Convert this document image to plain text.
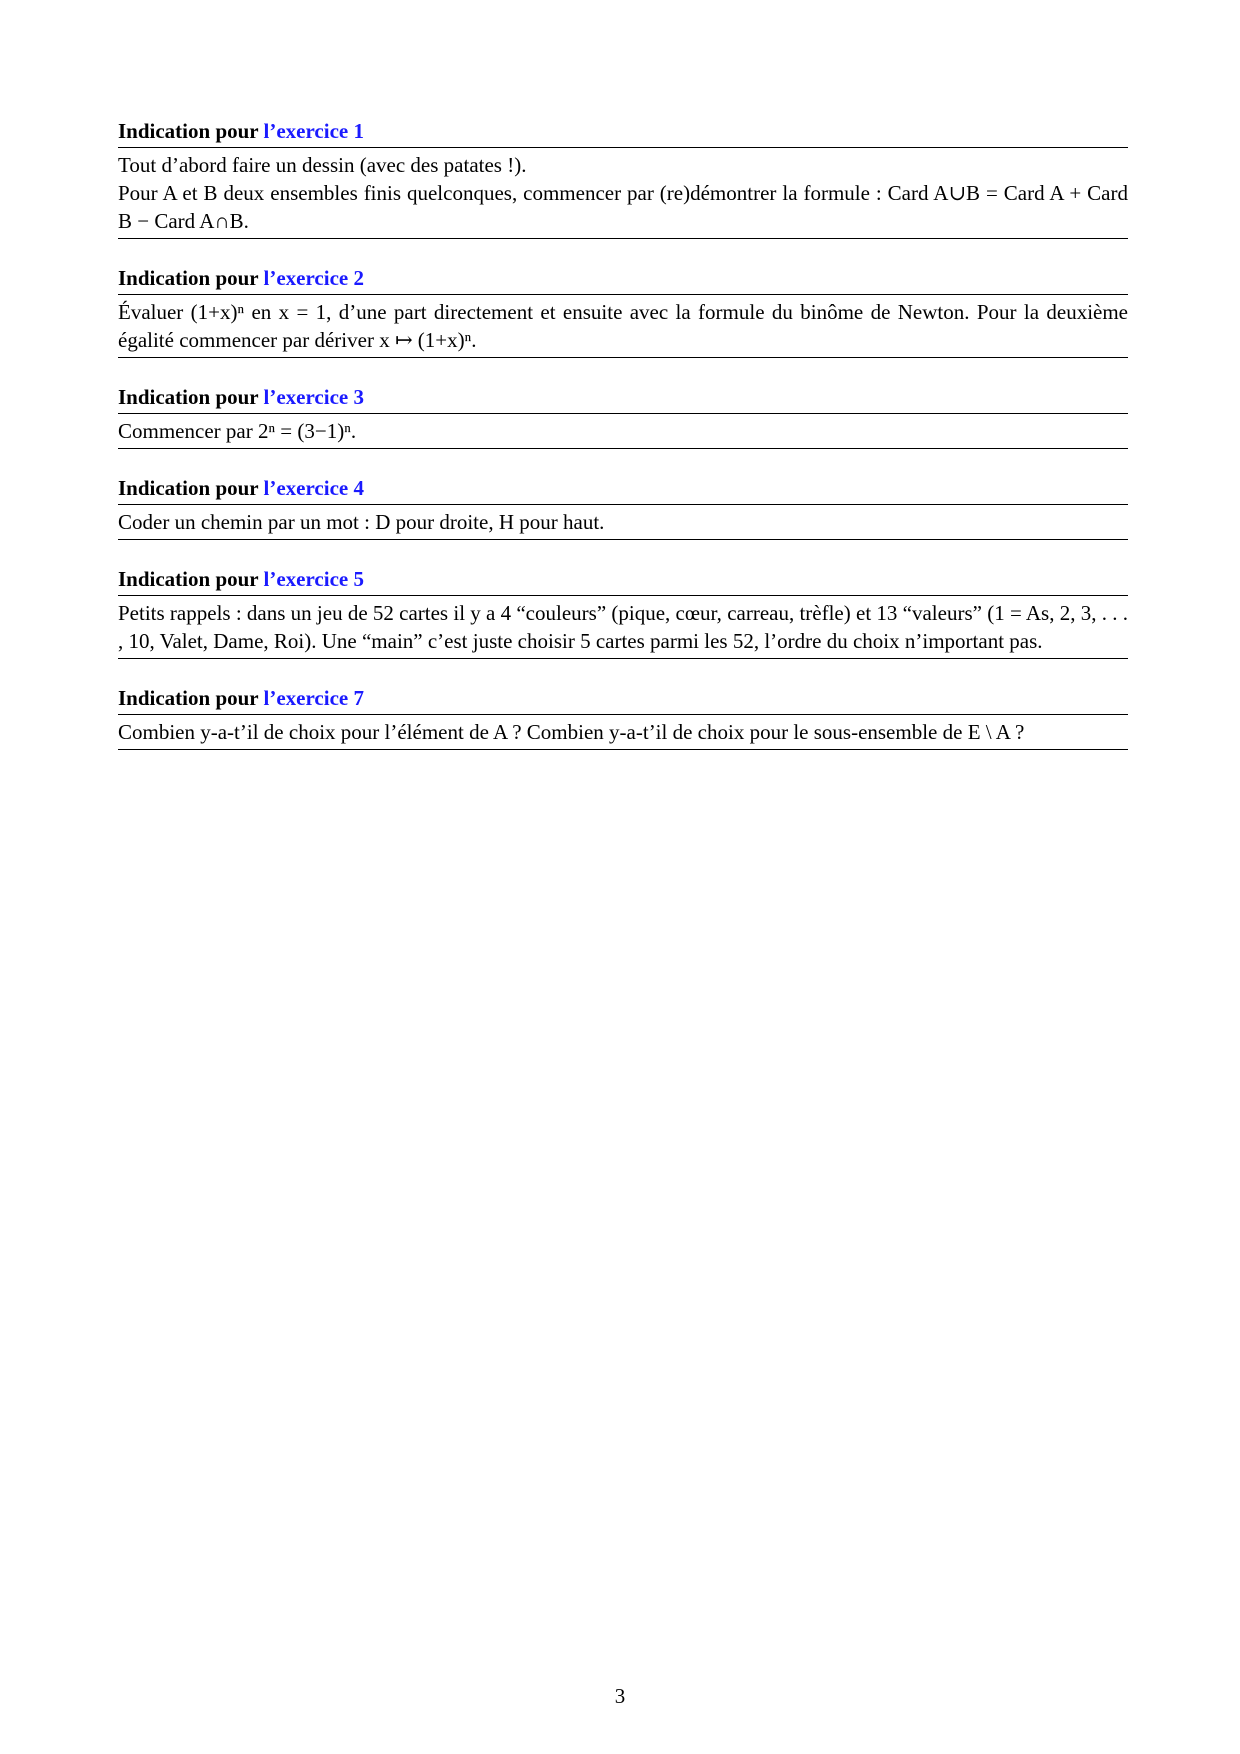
Indication pour l’exercice 1
Tout d’abord faire un dessin (avec des patates !).
Pour A et B deux ensembles finis quelconques, commencer par (re)démontrer la formule : Card A∪B = Card A + Card B − Card A∩B.
Indication pour l’exercice 2
Évaluer (1+x)ⁿ en x = 1, d’une part directement et ensuite avec la formule du binôme de Newton. Pour la deuxième égalité commencer par dériver x ↦ (1+x)ⁿ.
Indication pour l’exercice 3
Commencer par 2ⁿ = (3−1)ⁿ.
Indication pour l’exercice 4
Coder un chemin par un mot : D pour droite, H pour haut.
Indication pour l’exercice 5
Petits rappels : dans un jeu de 52 cartes il y a 4 “couleurs” (pique, cœur, carreau, trèfle) et 13 “valeurs” (1 = As, 2, 3, . . . , 10, Valet, Dame, Roi). Une “main” c’est juste choisir 5 cartes parmi les 52, l’ordre du choix n’important pas.
Indication pour l’exercice 7
Combien y-a-t’il de choix pour l’élément de A ? Combien y-a-t’il de choix pour le sous-ensemble de E \ A ?
3
